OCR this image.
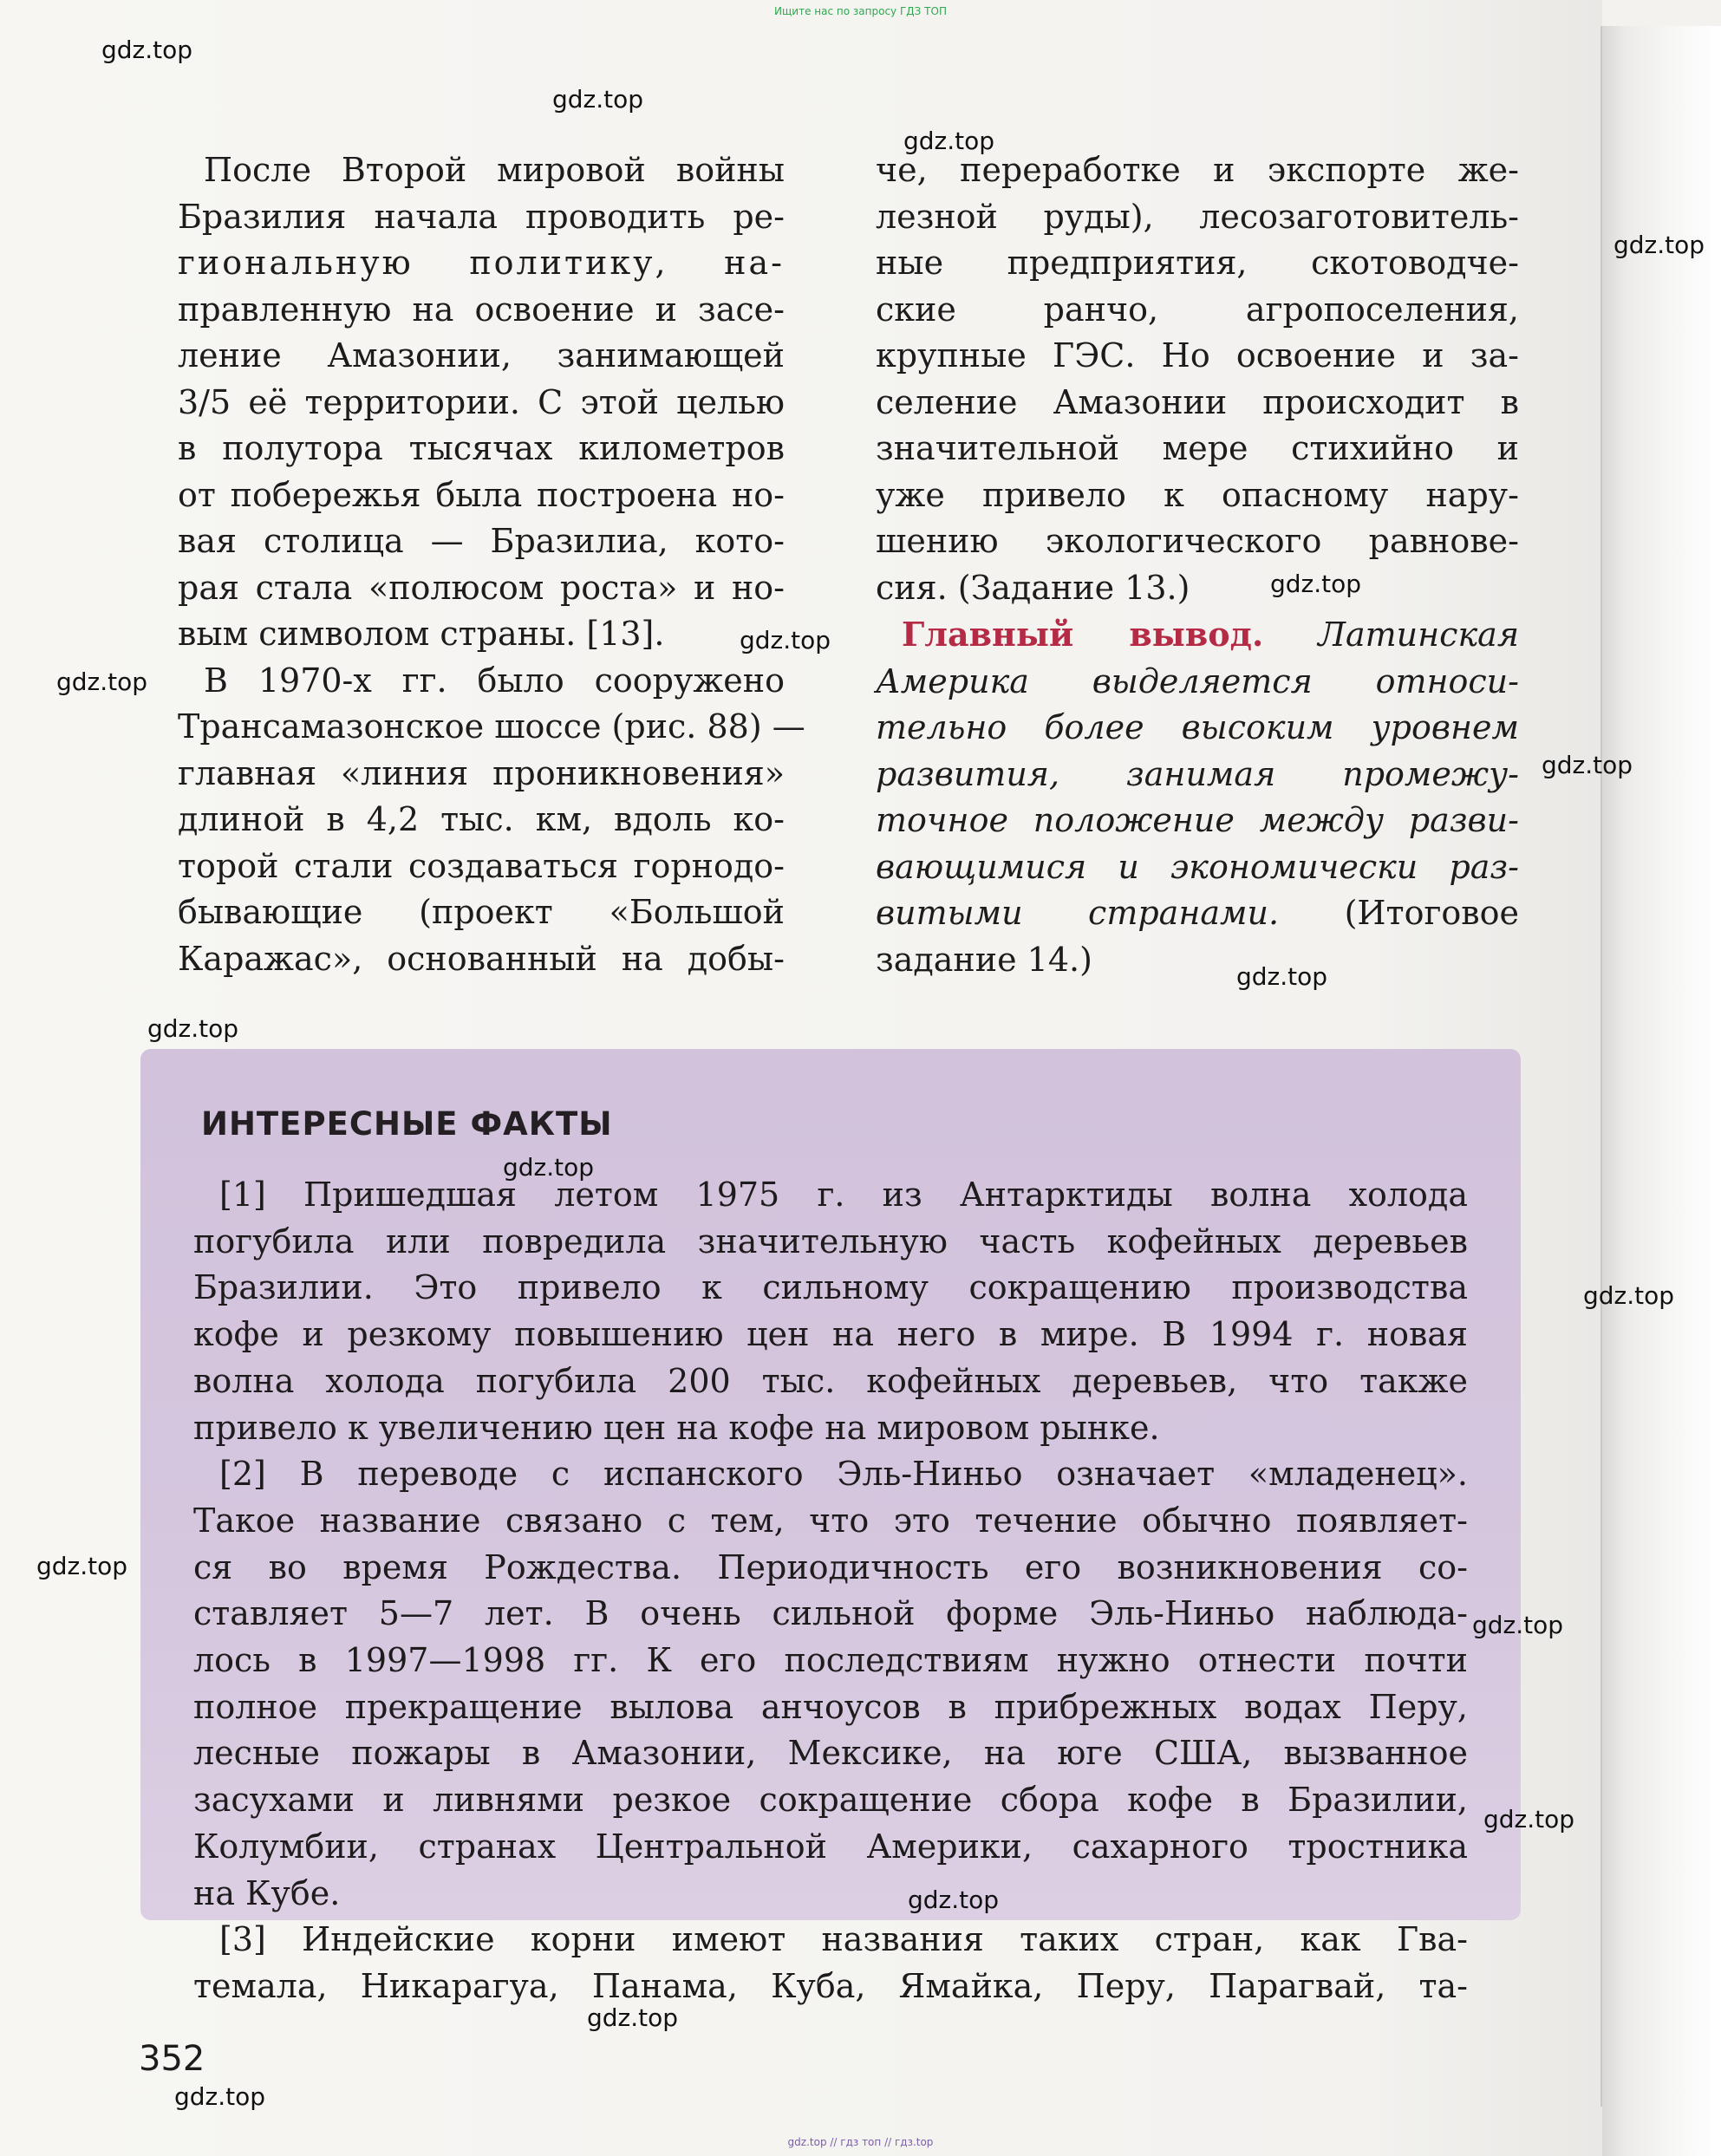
Ищите нас по запросу ГДЗ ТОП
После Второй мировой войны
Бразилия начала проводить ре-
гиональную политику, на-
правленную на освоение и засе-
ление Амазонии, занимающей
3/5 её территории. С этой целью
в полутора тысячах километров
от побережья была построена но-
вая столица — Бразилиа, кото-
рая стала «полюсом роста» и но-
вым символом страны. [13].
В 1970-х гг. было сооружено
Трансамазонское шоссе (рис. 88) —
главная «линия проникновения»
длиной в 4,2 тыс. км, вдоль ко-
торой стали создаваться горнодо-
бывающие (проект «Большой
Каражас», основанный на добы-
че, переработке и экспорте же-
лезной руды), лесозаготовитель-
ные предприятия, скотоводче-
ские ранчо, агропоселения,
крупные ГЭС. Но освоение и за-
селение Амазонии происходит в
значительной мере стихийно и
уже привело к опасному нару-
шению экологического равнове-
сия. (Задание 13.)
Главный вывод. Латинская
Америка выделяется относи-
тельно более высоким уровнем
развития, занимая промежу-
точное положение между разви-
вающимися и экономически раз-
витыми странами. (Итоговое
задание 14.)
ИНТЕРЕСНЫЕ ФАКТЫ
[1] Пришедшая летом 1975 г. из Антарктиды волна холода
погубила или повредила значительную часть кофейных деревьев
Бразилии. Это привело к сильному сокращению производства
кофе и резкому повышению цен на него в мире. В 1994 г. новая
волна холода погубила 200 тыс. кофейных деревьев, что также
привело к увеличению цен на кофе на мировом рынке.
[2] В переводе с испанского Эль-Ниньо означает «младенец».
Такое название связано с тем, что это течение обычно появляет-
ся во время Рождества. Периодичность его возникновения со-
ставляет 5—7 лет. В очень сильной форме Эль-Ниньо наблюда-
лось в 1997—1998 гг. К его последствиям нужно отнести почти
полное прекращение вылова анчоусов в прибрежных водах Перу,
лесные пожары в Амазонии, Мексике, на юге США, вызванное
засухами и ливнями резкое сокращение сбора кофе в Бразилии,
Колумбии, странах Центральной Америки, сахарного тростника
на Кубе.
[3] Индейские корни имеют названия таких стран, как Гва-
темала, Никарагуа, Панама, Куба, Ямайка, Перу, Парагвай, та-
352
gdz.top
gdz.top
gdz.top
gdz.top
gdz.top
gdz.top
gdz.top
gdz.top
gdz.top
gdz.top
gdz.top
gdz.top
gdz.top
gdz.top
gdz.top
gdz.top
gdz.top
gdz.top
gdz.top // гдз топ // гдз.top
